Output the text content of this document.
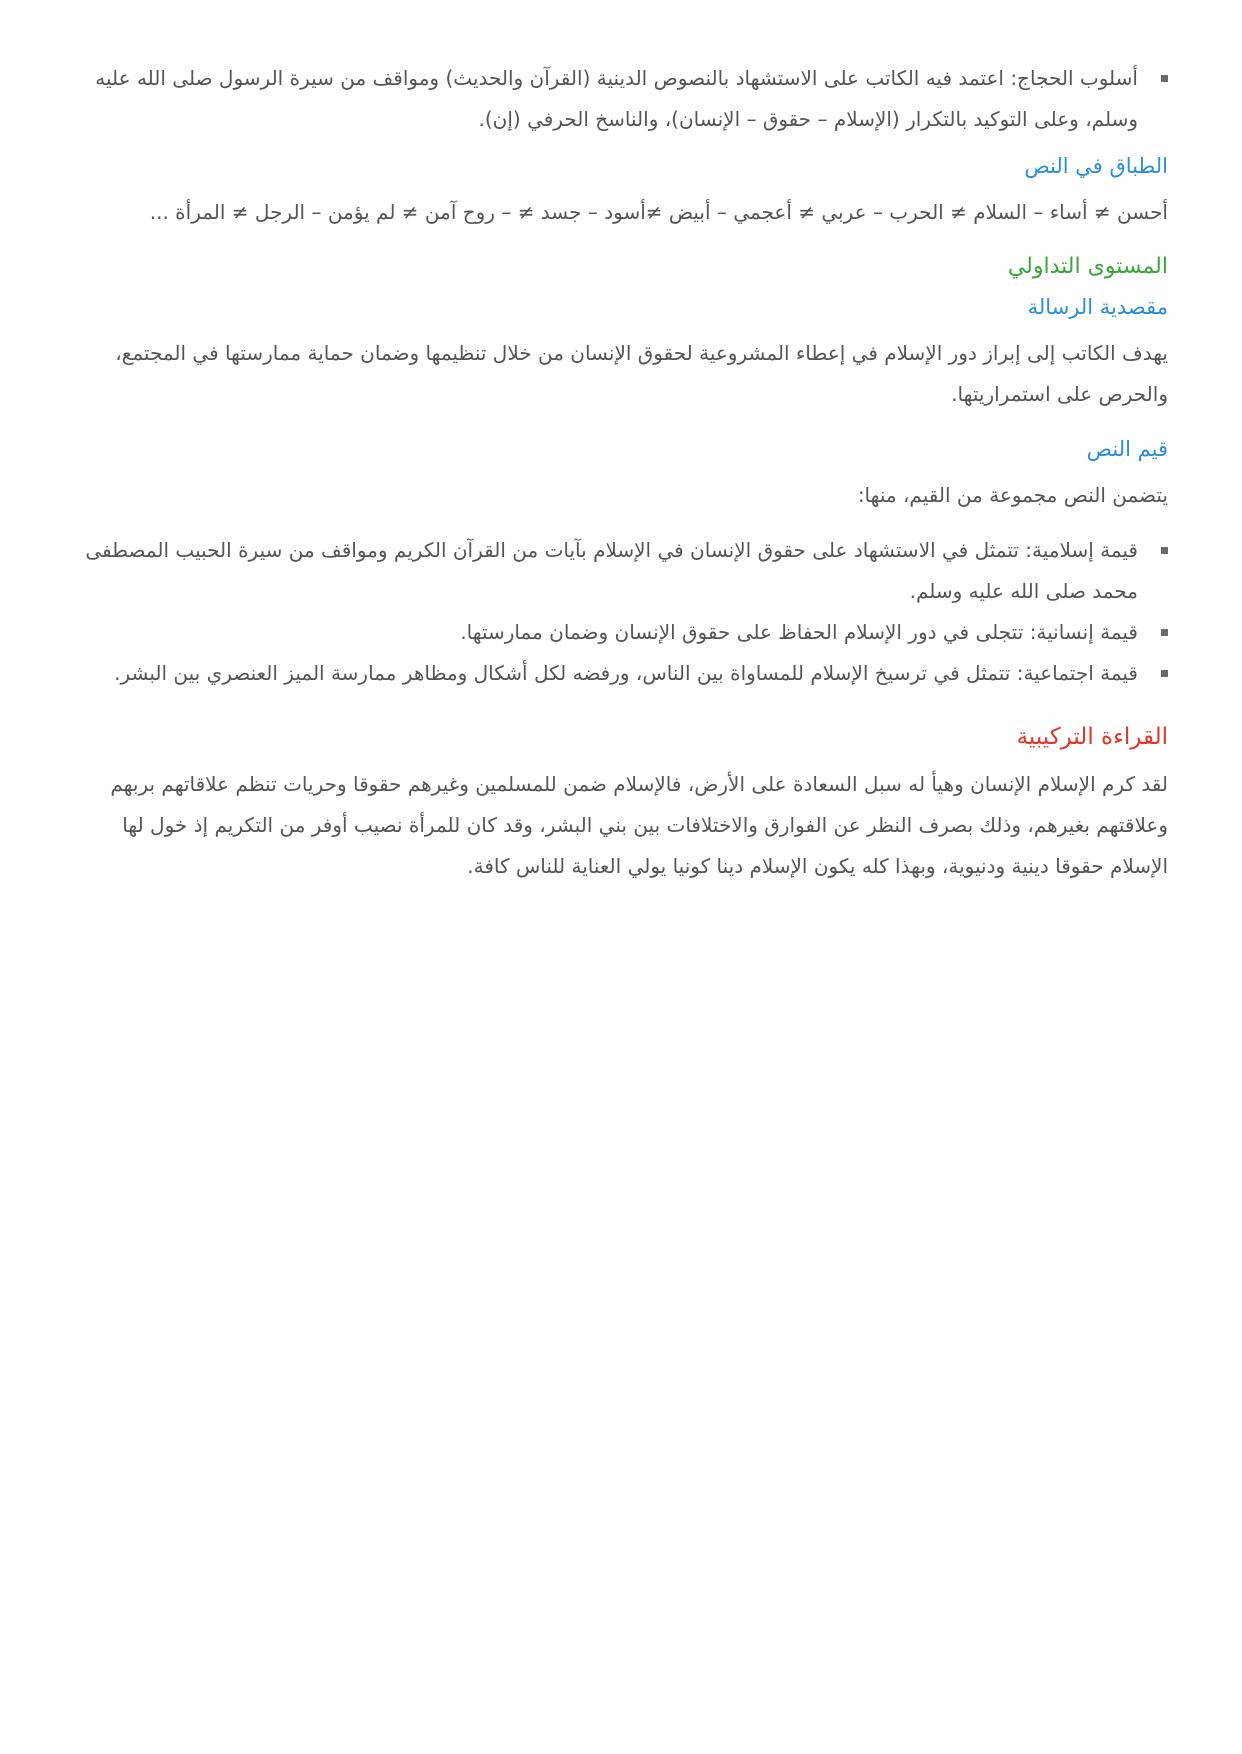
أسلوب الحجاج: اعتمد فيه الكاتب على الاستشهاد بالنصوص الدينية (القرآن والحديث) ومواقف من سيرة الرسول صلى الله عليه وسلم، وعلى التوكيد بالتكرار (الإسلام – حقوق – الإنسان)، والناسخ الحرفي (إن).
الطباق في النص

أحسن ≠ أساء – السلام ≠ الحرب – عربي ≠ أعجمي – أبيض ≠أسود – جسد ≠ – روح آمن ≠ لم يؤمن – الرجل ≠ المرأة ...

المستوى التداولي
مقصدية الرسالة

يهدف الكاتب إلى إبراز دور الإسلام في إعطاء المشروعية لحقوق الإنسان من خلال تنظيمها وضمان حماية ممارستها في المجتمع، والحرص على استمراريتها.

قيم النص

يتضمن النص مجموعة من القيم، منها:

قيمة إسلامية: تتمثل في الاستشهاد على حقوق الإنسان في الإسلام بآيات من القرآن الكريم ومواقف من سيرة الحبيب المصطفى محمد صلى الله عليه وسلم.
قيمة إنسانية: تتجلى في دور الإسلام الحفاظ على حقوق الإنسان وضمان ممارستها.
قيمة اجتماعية: تتمثل في ترسيخ الإسلام للمساواة بين الناس، ورفضه لكل أشكال ومظاهر ممارسة الميز العنصري بين البشر.
القراءة التركيبية

لقد كرم الإسلام الإنسان وهيأ له سبل السعادة على الأرض، فالإسلام ضمن للمسلمين وغيرهم حقوقا وحريات تنظم علاقاتهم بربهم وعلاقتهم بغيرهم، وذلك بصرف النظر عن الفوارق والاختلافات بين بني البشر، وقد كان للمرأة نصيب أوفر من التكريم إذ خول لها الإسلام حقوقا دينية ودنيوية، وبهذا كله يكون الإسلام دينا كونيا يولي العناية للناس كافة.
